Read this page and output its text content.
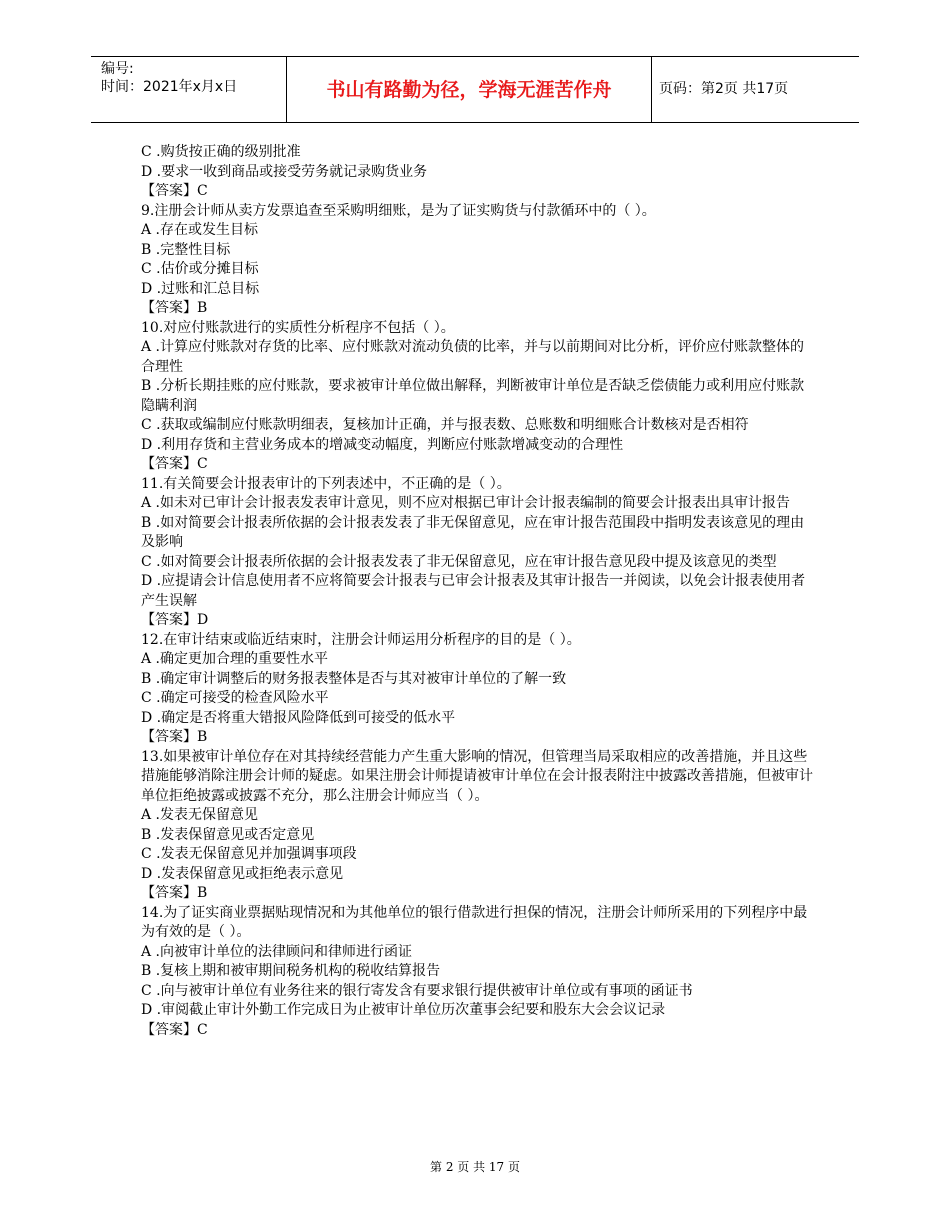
编号:
时间：2021年x月x日	书山有路勤为径，学海无涯苦作舟	页码：第2页 共17页
C .购货按正确的级别批准
D .要求一收到商品或接受劳务就记录购货业务
【答案】C
9.注册会计师从卖方发票追查至采购明细账，是为了证实购货与付款循环中的（ ）。
A .存在或发生目标
B .完整性目标
C .估价或分摊目标
D .过账和汇总目标
【答案】B
10.对应付账款进行的实质性分析程序不包括（ ）。
A .计算应付账款对存货的比率、应付账款对流动负债的比率，并与以前期间对比分析，评价应付账款整体的合理性
B .分析长期挂账的应付账款，要求被审计单位做出解释，判断被审计单位是否缺乏偿债能力或利用应付账款隐瞒利润
C .获取或编制应付账款明细表，复核加计正确，并与报表数、总账数和明细账合计数核对是否相符
D .利用存货和主营业务成本的增减变动幅度，判断应付账款增减变动的合理性
【答案】C
11.有关简要会计报表审计的下列表述中，不正确的是（ ）。
A .如未对已审计会计报表发表审计意见，则不应对根据已审计会计报表编制的简要会计报表出具审计报告
B .如对简要会计报表所依据的会计报表发表了非无保留意见，应在审计报告范围段中指明发表该意见的理由及影响
C .如对简要会计报表所依据的会计报表发表了非无保留意见，应在审计报告意见段中提及该意见的类型
D .应提请会计信息使用者不应将简要会计报表与已审会计报表及其审计报告一并阅读，以免会计报表使用者产生误解
【答案】D
12.在审计结束或临近结束时，注册会计师运用分析程序的目的是（ ）。
A .确定更加合理的重要性水平
B .确定审计调整后的财务报表整体是否与其对被审计单位的了解一致
C .确定可接受的检查风险水平
D .确定是否将重大错报风险降低到可接受的低水平
【答案】B
13.如果被审计单位存在对其持续经营能力产生重大影响的情况，但管理当局采取相应的改善措施，并且这些措施能够消除注册会计师的疑虑。如果注册会计师提请被审计单位在会计报表附注中披露改善措施，但被审计单位拒绝披露或披露不充分，那么注册会计师应当（ ）。
A .发表无保留意见
B .发表保留意见或否定意见
C .发表无保留意见并加强调事项段
D .发表保留意见或拒绝表示意见
【答案】B
14.为了证实商业票据贴现情况和为其他单位的银行借款进行担保的情况，注册会计师所采用的下列程序中最为有效的是（ ）。
A .向被审计单位的法律顾问和律师进行函证
B .复核上期和被审期间税务机构的税收结算报告
C .向与被审计单位有业务往来的银行寄发含有要求银行提供被审计单位或有事项的函证书
D .审阅截止审计外勤工作完成日为止被审计单位历次董事会纪要和股东大会会议记录
【答案】C
第 2 页 共 17 页
